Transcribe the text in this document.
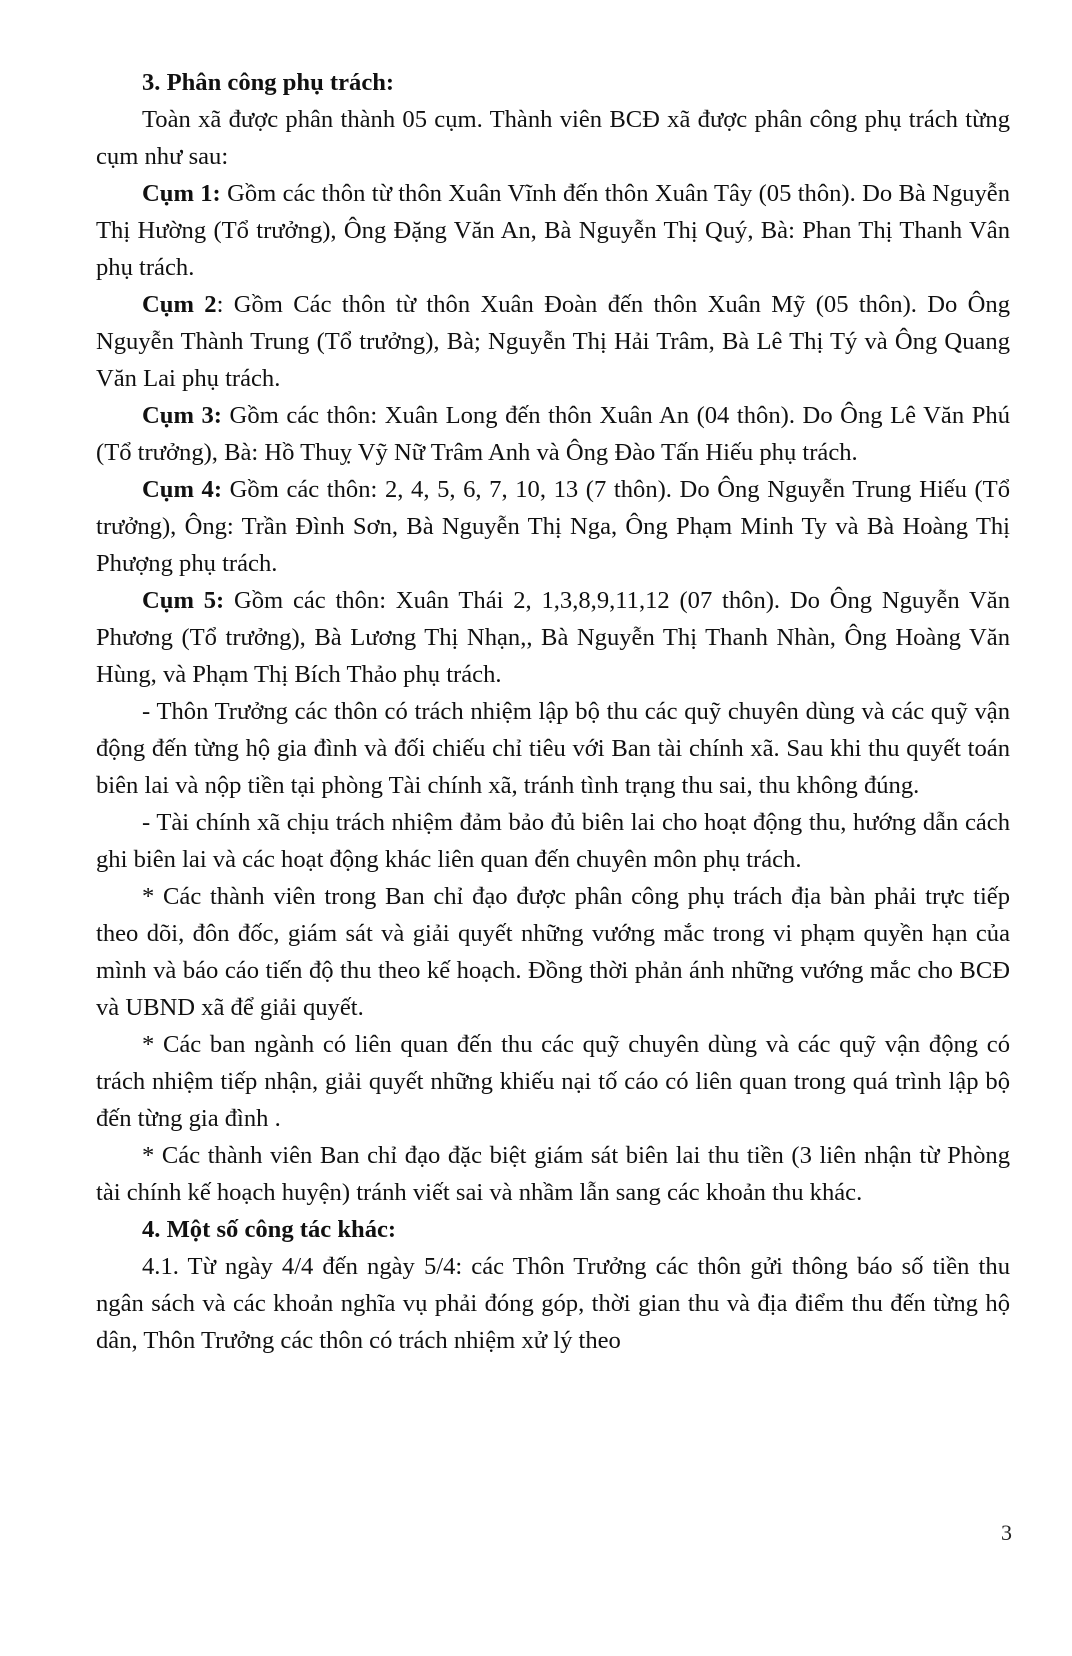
3. Phân công phụ trách:

Toàn xã được phân thành 05 cụm. Thành viên BCĐ xã được phân công phụ trách từng cụm như sau:

Cụm 1: Gồm các thôn từ thôn Xuân Vĩnh đến thôn Xuân Tây (05 thôn). Do Bà Nguyễn Thị Hường (Tổ trưởng), Ông Đặng Văn An, Bà Nguyễn Thị Quý, Bà: Phan Thị Thanh Vân phụ trách.

Cụm 2: Gồm Các thôn từ thôn Xuân Đoàn đến thôn Xuân Mỹ (05 thôn). Do Ông Nguyễn Thành Trung (Tổ trưởng), Bà; Nguyễn Thị Hải Trâm, Bà Lê Thị Tý và Ông Quang Văn Lai phụ trách.

Cụm 3: Gồm các thôn: Xuân Long đến thôn Xuân An (04 thôn). Do Ông Lê Văn Phú (Tổ trưởng), Bà: Hồ Thuỵ Vỹ Nữ Trâm Anh và Ông Đào Tấn Hiếu phụ trách.

Cụm 4: Gồm các thôn: 2, 4, 5, 6, 7, 10, 13 (7 thôn). Do Ông Nguyễn Trung Hiếu (Tổ trưởng), Ông: Trần Đình Sơn, Bà Nguyễn Thị Nga, Ông Phạm Minh Ty và Bà Hoàng Thị Phượng phụ trách.

Cụm 5: Gồm các thôn: Xuân Thái 2, 1,3,8,9,11,12 (07 thôn). Do Ông Nguyễn Văn Phương (Tổ trưởng), Bà Lương Thị Nhạn,, Bà Nguyễn Thị Thanh Nhàn, Ông Hoàng Văn Hùng, và Phạm Thị Bích Thảo phụ trách.

- Thôn Trưởng các thôn có trách nhiệm lập bộ thu các quỹ chuyên dùng và các quỹ vận động đến từng hộ gia đình và đối chiếu chỉ tiêu với Ban tài chính xã. Sau khi thu quyết toán biên lai và nộp tiền tại phòng Tài chính xã, tránh tình trạng thu sai, thu không đúng.

- Tài chính xã chịu trách nhiệm đảm bảo đủ biên lai cho hoạt động thu, hướng dẫn cách ghi biên lai và các hoạt động khác liên quan đến chuyên môn phụ trách.

* Các thành viên trong Ban chỉ đạo được phân công phụ trách địa bàn phải trực tiếp theo dõi, đôn đốc, giám sát và giải quyết những vướng mắc trong vi phạm quyền hạn của mình và báo cáo tiến độ thu theo kế hoạch. Đồng thời phản ánh những vướng mắc cho BCĐ và UBND xã để giải quyết.

* Các ban ngành có liên quan đến thu các quỹ chuyên dùng và các quỹ vận động có trách nhiệm tiếp nhận, giải quyết những khiếu nại tố cáo có liên quan trong quá trình lập bộ đến từng gia đình .

* Các thành viên Ban chỉ đạo đặc biệt giám sát biên lai thu tiền (3 liên nhận từ Phòng tài chính kế hoạch huyện) tránh viết sai và nhầm lẫn sang các khoản thu khác.

4. Một số công tác khác:

4.1. Từ ngày 4/4 đến ngày 5/4: các Thôn Trưởng các thôn gửi thông báo số tiền thu ngân sách và các khoản nghĩa vụ phải đóng góp, thời gian thu và địa điểm thu đến từng hộ dân, Thôn Trưởng các thôn có trách nhiệm xử lý theo

3
